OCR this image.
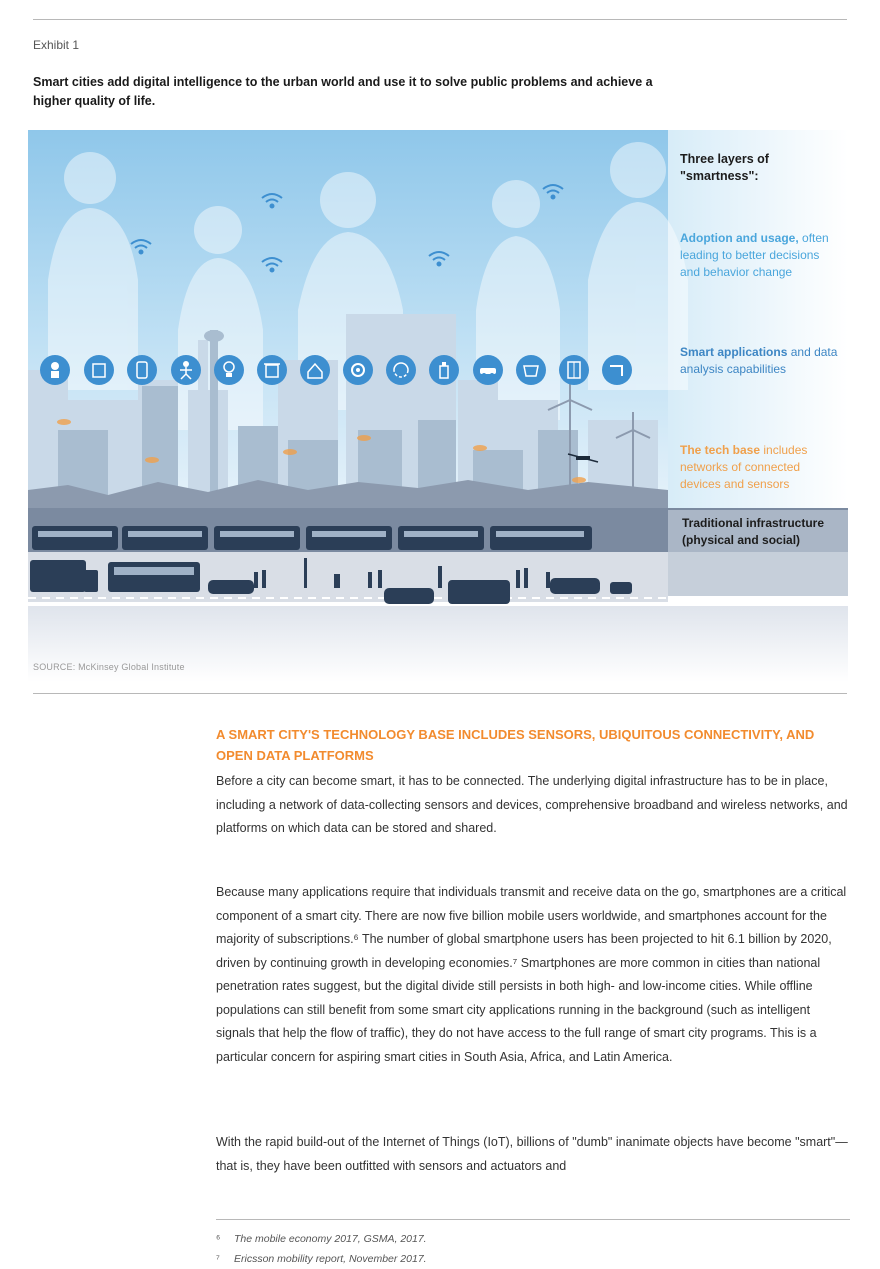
Exhibit 1
Smart cities add digital intelligence to the urban world and use it to solve public problems and achieve a higher quality of life.
Three layers of "smartness":
Adoption and usage, often leading to better decisions and behavior change
Smart applications and data analysis capabilities
The tech base includes networks of connected devices and sensors
Traditional infrastructure
(physical and social)
SOURCE: McKinsey Global Institute
A SMART CITY'S TECHNOLOGY BASE INCLUDES SENSORS, UBIQUITOUS CONNECTIVITY, AND OPEN DATA PLATFORMS
Before a city can become smart, it has to be connected. The underlying digital infrastructure has to be in place, including a network of data-collecting sensors and devices, comprehensive broadband and wireless networks, and platforms on which data can be stored and shared.
Because many applications require that individuals transmit and receive data on the go, smartphones are a critical component of a smart city. There are now five billion mobile users worldwide, and smartphones account for the majority of subscriptions.⁶ The number of global smartphone users has been projected to hit 6.1 billion by 2020, driven by continuing growth in developing economies.⁷ Smartphones are more common in cities than national penetration rates suggest, but the digital divide still persists in both high- and low-income cities. While offline populations can still benefit from some smart city applications running in the background (such as intelligent signals that help the flow of traffic), they do not have access to the full range of smart city programs. This is a particular concern for aspiring smart cities in South Asia, Africa, and Latin America.
With the rapid build-out of the Internet of Things (IoT), billions of "dumb" inanimate objects have become "smart"—that is, they have been outfitted with sensors and actuators and
⁶ The mobile economy 2017, GSMA, 2017.
⁷ Ericsson mobility report, November 2017.
